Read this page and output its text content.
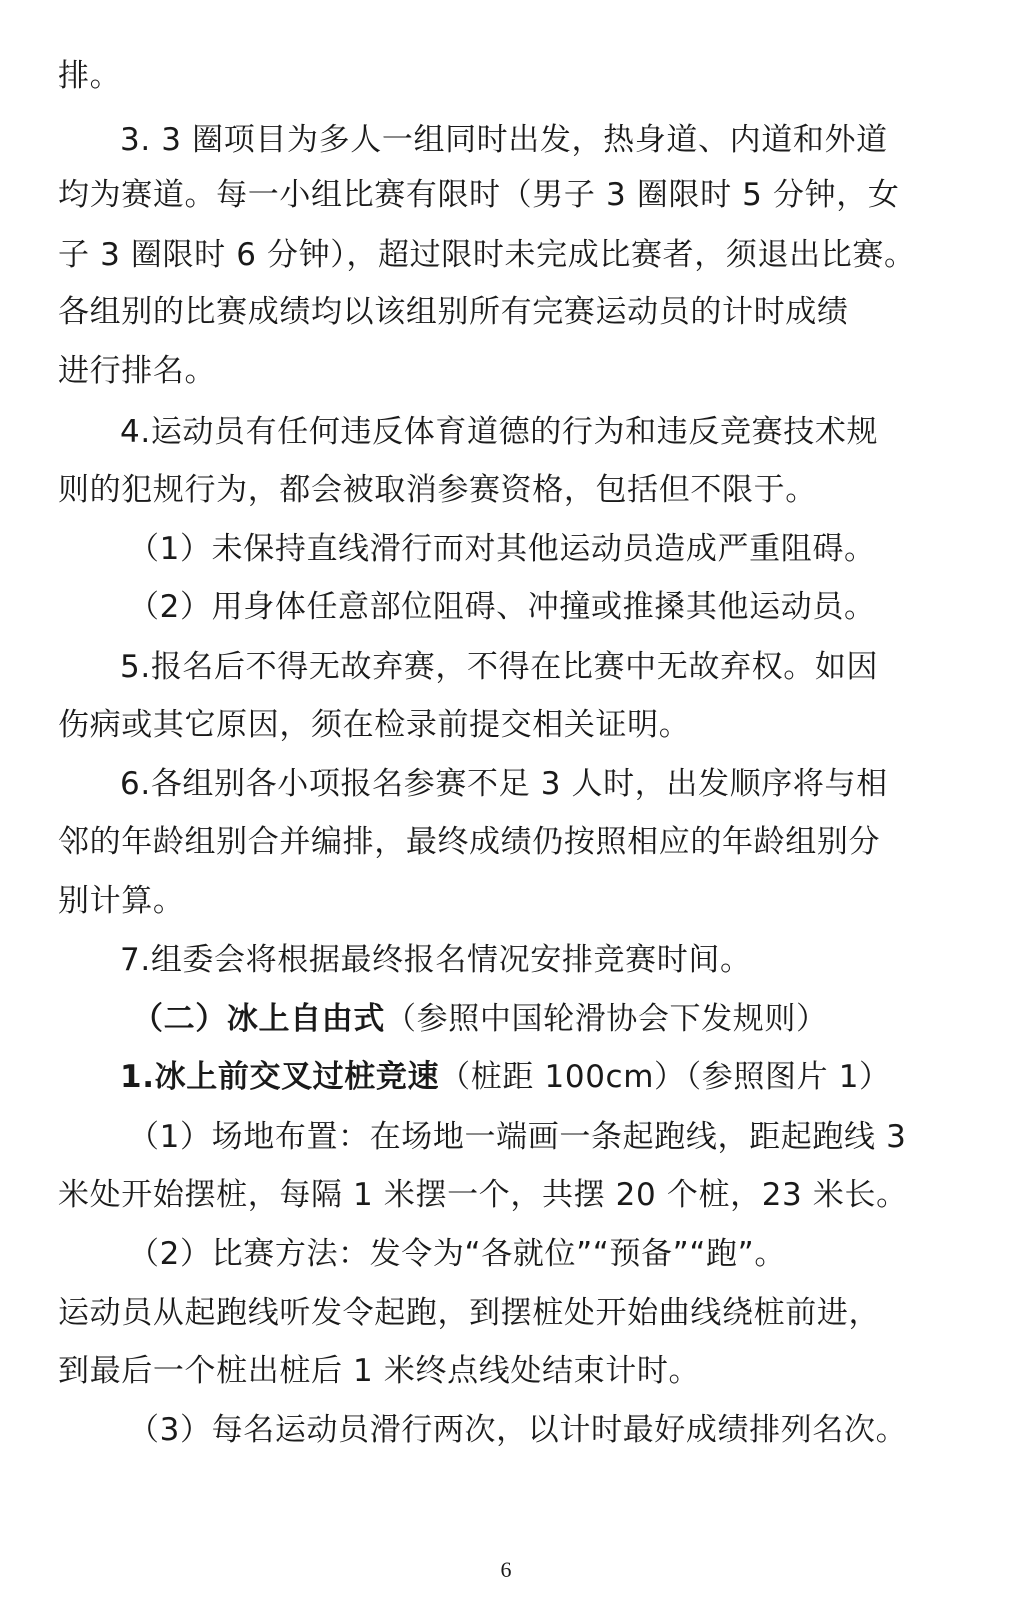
排。
3. 3 圈项目为多人一组同时出发，热身道、内道和外道
均为赛道。每一小组比赛有限时（男子 3 圈限时 5 分钟，女
子 3 圈限时 6 分钟），超过限时未完成比赛者，须退出比赛。
各组别的比赛成绩均以该组别所有完赛运动员的计时成绩
进行排名。
4.运动员有任何违反体育道德的行为和违反竞赛技术规
则的犯规行为，都会被取消参赛资格，包括但不限于。
（1）未保持直线滑行而对其他运动员造成严重阻碍。
（2）用身体任意部位阻碍、冲撞或推搡其他运动员。
5.报名后不得无故弃赛，不得在比赛中无故弃权。如因
伤病或其它原因，须在检录前提交相关证明。
6.各组别各小项报名参赛不足 3 人时，出发顺序将与相
邻的年龄组别合并编排，最终成绩仍按照相应的年龄组别分
别计算。
7.组委会将根据最终报名情况安排竞赛时间。
（二）冰上自由式（参照中国轮滑协会下发规则）
1.冰上前交叉过桩竞速（桩距 100cm）（参照图片 1）
（1）场地布置：在场地一端画一条起跑线，距起跑线 3
米处开始摆桩，每隔 1 米摆一个，共摆 20 个桩，23 米长。
（2）比赛方法：发令为“各就位”“预备”“跑”。
运动员从起跑线听发令起跑，到摆桩处开始曲线绕桩前进，
到最后一个桩出桩后 1 米终点线处结束计时。
（3）每名运动员滑行两次，以计时最好成绩排列名次。
6
